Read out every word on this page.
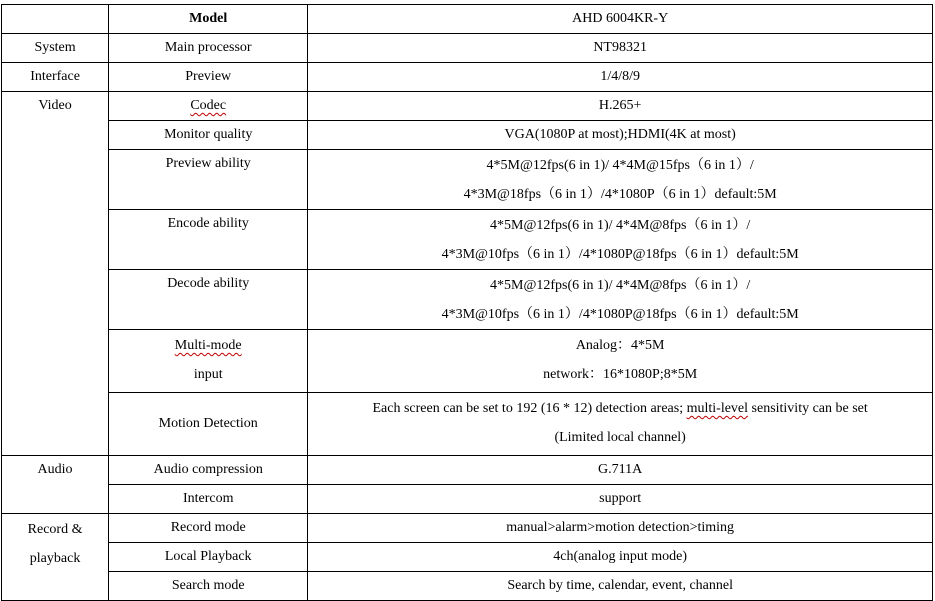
	Model	AHD 6004KR-Y
System	Main processor	NT98321
Interface	Preview	1/4/8/9
Video	Codec	H.265+
	Monitor quality	VGA(1080P at most);HDMI(4K at most)
	Preview ability	4*5M@12fps(6 in 1)/ 4*4M@15fps（6 in 1）/
4*3M@18fps（6 in 1）/4*1080P（6 in 1）default:5M

	Encode ability	4*5M@12fps(6 in 1)/ 4*4M@8fps（6 in 1）/
4*3M@10fps（6 in 1）/4*1080P@18fps（6 in 1）default:5M

	Decode ability	4*5M@12fps(6 in 1)/ 4*4M@8fps（6 in 1）/
4*3M@10fps（6 in 1）/4*1080P@18fps（6 in 1）default:5M

	Multi-mode
input	Analog：4*5M
network：16*1080P;8*5M

	Motion Detection	Each screen can be set to 192 (16 * 12) detection areas; multi-level sensitivity can be set
(Limited local channel)

Audio	Audio compression	G.711A
	Intercom	support

Record &
playback	Record mode	manual>alarm>motion detection>timing
	Local Playback	4ch(analog input mode)
	Search mode	Search by time, calendar, event, channel
